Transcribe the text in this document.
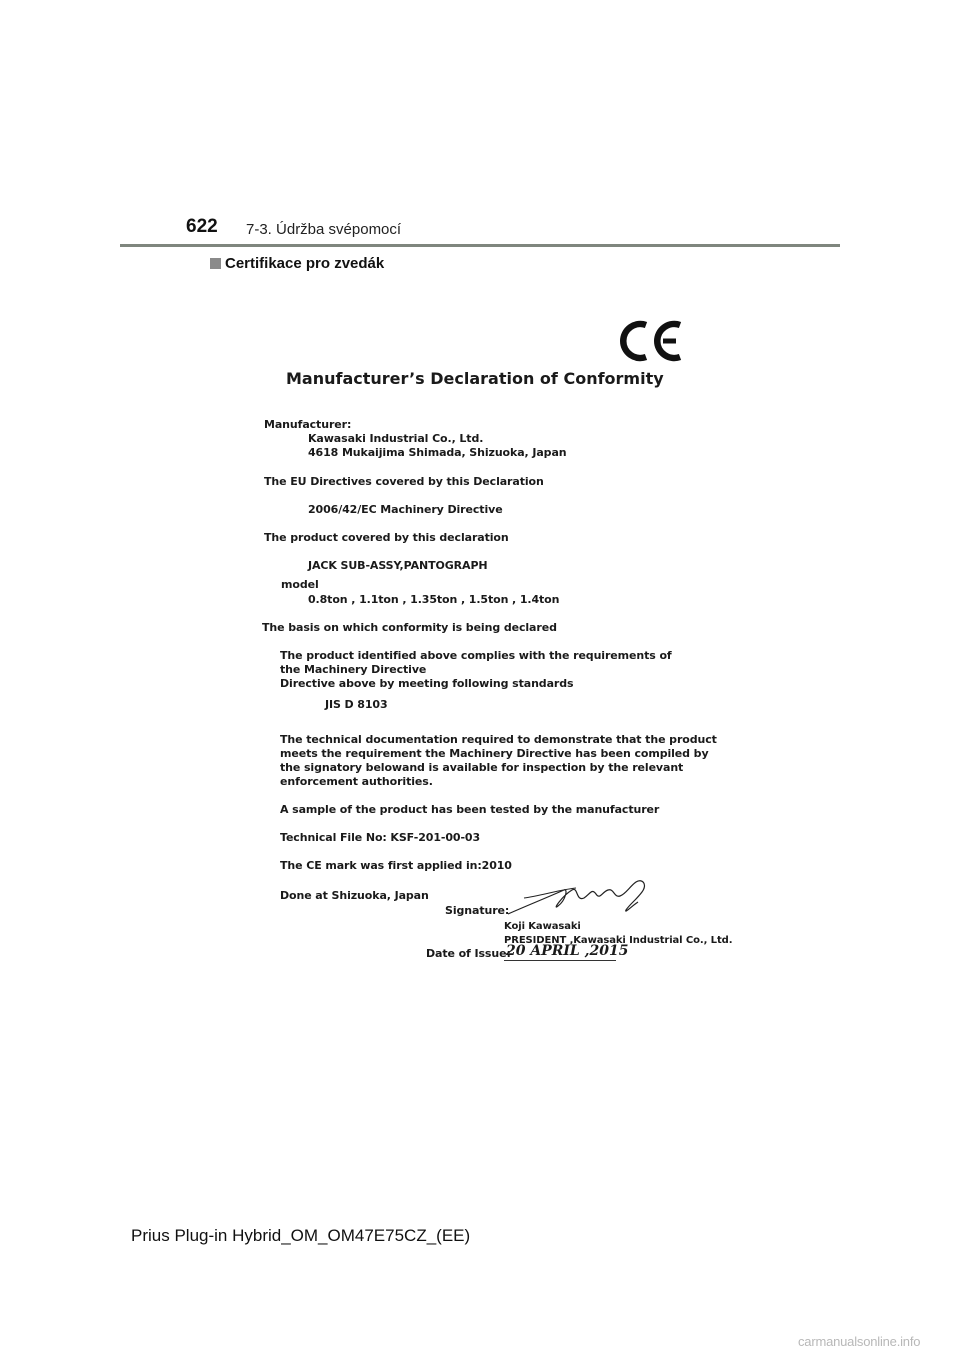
622 7-3. Údržba svépomocí
Certifikace pro zvedák
Manufacturer’s Declaration of Conformity
Manufacturer:
Kawasaki Industrial Co., Ltd.
4618 Mukaijima Shimada, Shizuoka, Japan
The EU Directives covered by this Declaration
2006/42/EC Machinery Directive
The product covered by this declaration
JACK SUB-ASSY,PANTOGRAPH
model
0.8ton , 1.1ton , 1.35ton , 1.5ton , 1.4ton
The basis on which conformity is being declared
The product identified above complies with the requirements of
the Machinery Directive
Directive above by meeting following standards
JIS D 8103
The technical documentation required to demonstrate that the product
meets the requirement the Machinery Directive has been compiled by
the signatory belowand is available for inspection by the relevant
enforcement authorities.
A sample of the product has been tested by the manufacturer
Technical File No: KSF-201-00-03
The CE mark was first applied in:2010
Done at Shizuoka, Japan
Signature:
Koji Kawasaki
PRESIDENT ,Kawasaki Industrial Co., Ltd.
Date of Issue:
20 APRIL ,2015
Prius Plug-in Hybrid_OM_OM47E75CZ_(EE)
carmanualsonline.info
